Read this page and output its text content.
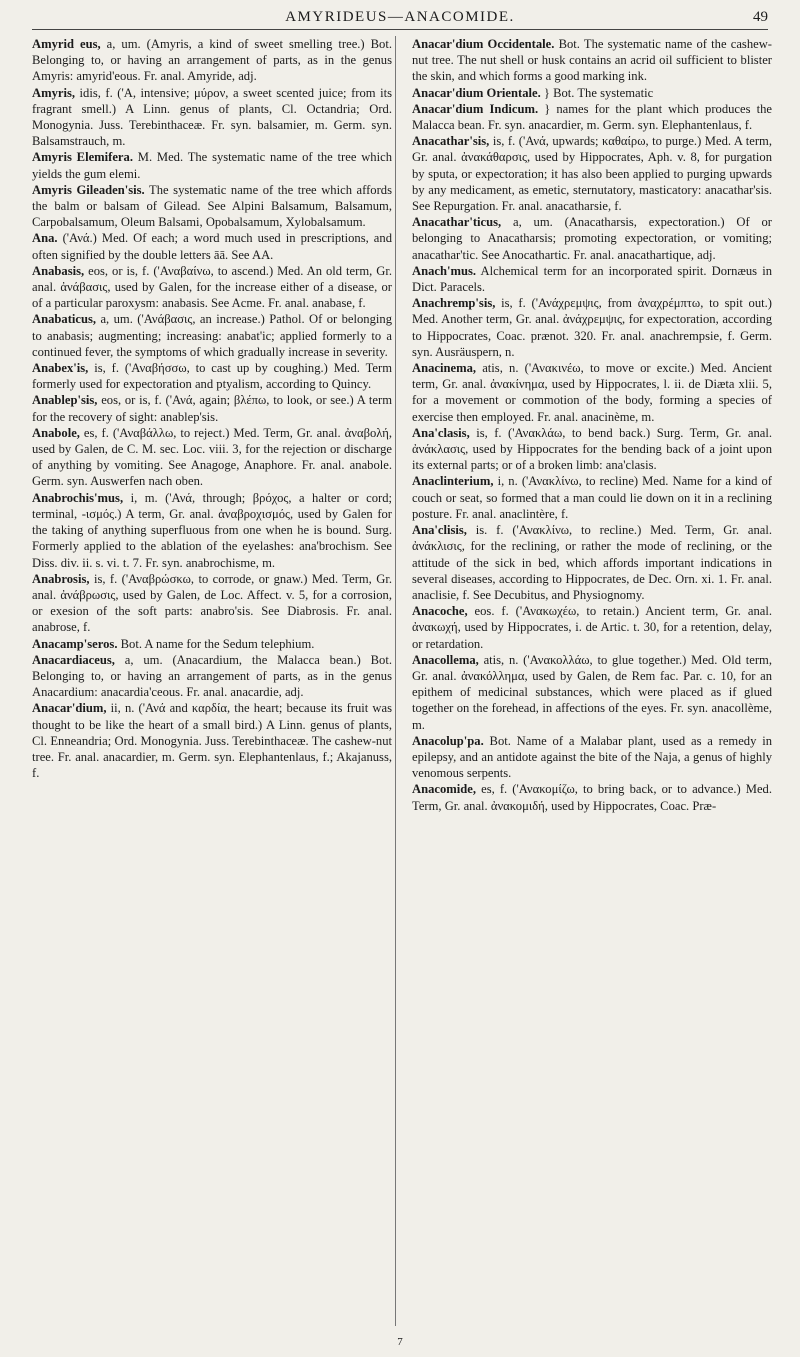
AMYRIDEUS—ANACOMIDE.	49

Amyrid eus, a, um. (Amyris, a kind of sweet smelling tree.) Bot. Belonging to, or having an arrangement of parts, as in the genus Amyris: amyrid'eous. Fr. anal. Amyride, adj.

Amyris, idis, f. ('A, intensive; μύρον, a sweet scented juice; from its fragrant smell.) A Linn. genus of plants, Cl. Octandria; Ord. Monogynia. Juss. Terebinthaceæ. Fr. syn. balsamier, m. Germ. syn. Balsamstrauch, m.

Amyris Elemifera. M. Med. The systematic name of the tree which yields the gum elemi.

Amyris Gileaden'sis. The systematic name of the tree which affords the balm or balsam of Gilead. See Alpini Balsamum, Balsamum, Carpobalsamum, Oleum Balsami, Opobalsamum, Xylobalsamum.

Ana. ('Ανά.) Med. Of each; a word much used in prescriptions, and often signified by the double letters āā. See AA.

Anabasis, eos, or is, f. ('Αναβαίνω, to ascend.) Med. An old term, Gr. anal. ἀνάβασις, used by Galen, for the increase either of a disease, or of a particular paroxysm: anabasis. See Acme. Fr. anal. anabase, f.

Anabaticus, a, um. ('Ανάβασις, an increase.) Pathol. Of or belonging to anabasis; augmenting; increasing: anabat'ic; applied formerly to a continued fever, the symptoms of which gradually increase in severity.

Anabex'is, is, f. ('Αναβήσσω, to cast up by coughing.) Med. Term formerly used for expectoration and ptyalism, according to Quincy.

Anablep'sis, eos, or is, f. ('Ανά, again; βλέπω, to look, or see.) A term for the recovery of sight: anablep'sis.

Anabole, es, f. ('Αναβάλλω, to reject.) Med. Term, Gr. anal. ἀναβολή, used by Galen, de C. M. sec. Loc. viii. 3, for the rejection or discharge of anything by vomiting. See Anagoge, Anaphore. Fr. anal. anabole. Germ. syn. Auswerfen nach oben.

Anabrochis'mus, i, m. ('Ανά, through; βρόχος, a halter or cord; terminal, -ισμός.) A term, Gr. anal. ἀναβροχισμός, used by Galen for the taking of anything superfluous from one when he is bound. Surg. Formerly applied to the ablation of the eyelashes: ana'brochism. See Diss. div. ii. s. vi. t. 7. Fr. syn. anabrochisme, m.

Anabrosis, is, f. ('Αναβρώσκω, to corrode, or gnaw.) Med. Term, Gr. anal. ἀνάβρωσις, used by Galen, de Loc. Affect. v. 5, for a corrosion, or exesion of the soft parts: anabro'sis. See Diabrosis. Fr. anal. anabrose, f.

Anacamp'seros. Bot. A name for the Sedum telephium.

Anacardiaceus, a, um. (Anacardium, the Malacca bean.) Bot. Belonging to, or having an arrangement of parts, as in the genus Anacardium: anacardia'ceous. Fr. anal. anacardie, adj.

Anacar'dium, ii, n. ('Ανά and καρδία, the heart; because its fruit was thought to be like the heart of a small bird.) A Linn. genus of plants, Cl. Enneandria; Ord. Monogynia. Juss. Terebinthaceæ. The cashew-nut tree. Fr. anal. anacardier, m. Germ. syn. Elephantenlaus, f.; Akajanuss, f.

Anacar'dium Occidentale. Bot. The systematic name of the cashew-nut tree. The nut shell or husk contains an acrid oil sufficient to blister the skin, and which forms a good marking ink.

Anacar'dium Orientale. } Bot. The systematic

Anacar'dium Indicum. } names for the plant which produces the Malacca bean. Fr. syn. anacardier, m. Germ. syn. Elephantenlaus, f.

Anacathar'sis, is, f. ('Ανά, upwards; καθαίρω, to purge.) Med. A term, Gr. anal. ἀνακάθαρσις, used by Hippocrates, Aph. v. 8, for purgation by sputa, or expectoration; it has also been applied to purging upwards by any medicament, as emetic, sternutatory, masticatory: anacathar'sis. See Repurgation. Fr. anal. anacatharsie, f.

Anacathar'ticus, a, um. (Anacatharsis, expectoration.) Of or belonging to Anacatharsis; promoting expectoration, or vomiting; anacathar'tic. See Anocathartic. Fr. anal. anacathartique, adj.

Anach'mus. Alchemical term for an incorporated spirit. Dornæus in Dict. Paracels.

Anachremp'sis, is, f. ('Ανάχρεμψις, from ἀναχρέμπτω, to spit out.) Med. Another term, Gr. anal. ἀνάχρεμψις, for expectoration, according to Hippocrates, Coac. prænot. 320. Fr. anal. anachrempsie, f. Germ. syn. Ausräuspern, n.

Anacinema, atis, n. ('Ανακινέω, to move or excite.) Med. Ancient term, Gr. anal. ἀνακίνημα, used by Hippocrates, l. ii. de Diæta xlii. 5, for a movement or commotion of the body, forming a species of exercise then employed. Fr. anal. anacinème, m.

Ana'clasis, is, f. ('Ανακλάω, to bend back.) Surg. Term, Gr. anal. ἀνάκλασις, used by Hippocrates for the bending back of a joint upon its external parts; or of a broken limb: ana'clasis.

Anaclinterium, i, n. ('Ανακλίνω, to recline) Med. Name for a kind of couch or seat, so formed that a man could lie down on it in a reclining posture. Fr. anal. anaclintère, f.

Ana'clisis, is. f. ('Ανακλίνω, to recline.) Med. Term, Gr. anal. ἀνάκλισις, for the reclining, or rather the mode of reclining, or the attitude of the sick in bed, which affords important indications in several diseases, according to Hippocrates, de Dec. Orn. xi. 1. Fr. anal. anaclisie, f. See Decubitus, and Physiognomy.

Anacoche, eos. f. ('Ανακωχέω, to retain.) Ancient term, Gr. anal. ἀνακωχή, used by Hippocrates, i. de Artic. t. 30, for a retention, delay, or retardation.

Anacollema, atis, n. ('Ανακολλάω, to glue together.) Med. Old term, Gr. anal. ἀνακόλλημα, used by Galen, de Rem fac. Par. c. 10, for an epithem of medicinal substances, which were placed as if glued together on the forehead, in affections of the eyes. Fr. syn. anacollème, m.

Anacolup'pa. Bot. Name of a Malabar plant, used as a remedy in epilepsy, and an antidote against the bite of the Naja, a genus of highly venomous serpents.

Anacomide, es, f. ('Ανακομίζω, to bring back, or to advance.) Med. Term, Gr. anal. ἀνακομιδή, used by Hippocrates, Coac. Præ-

7
